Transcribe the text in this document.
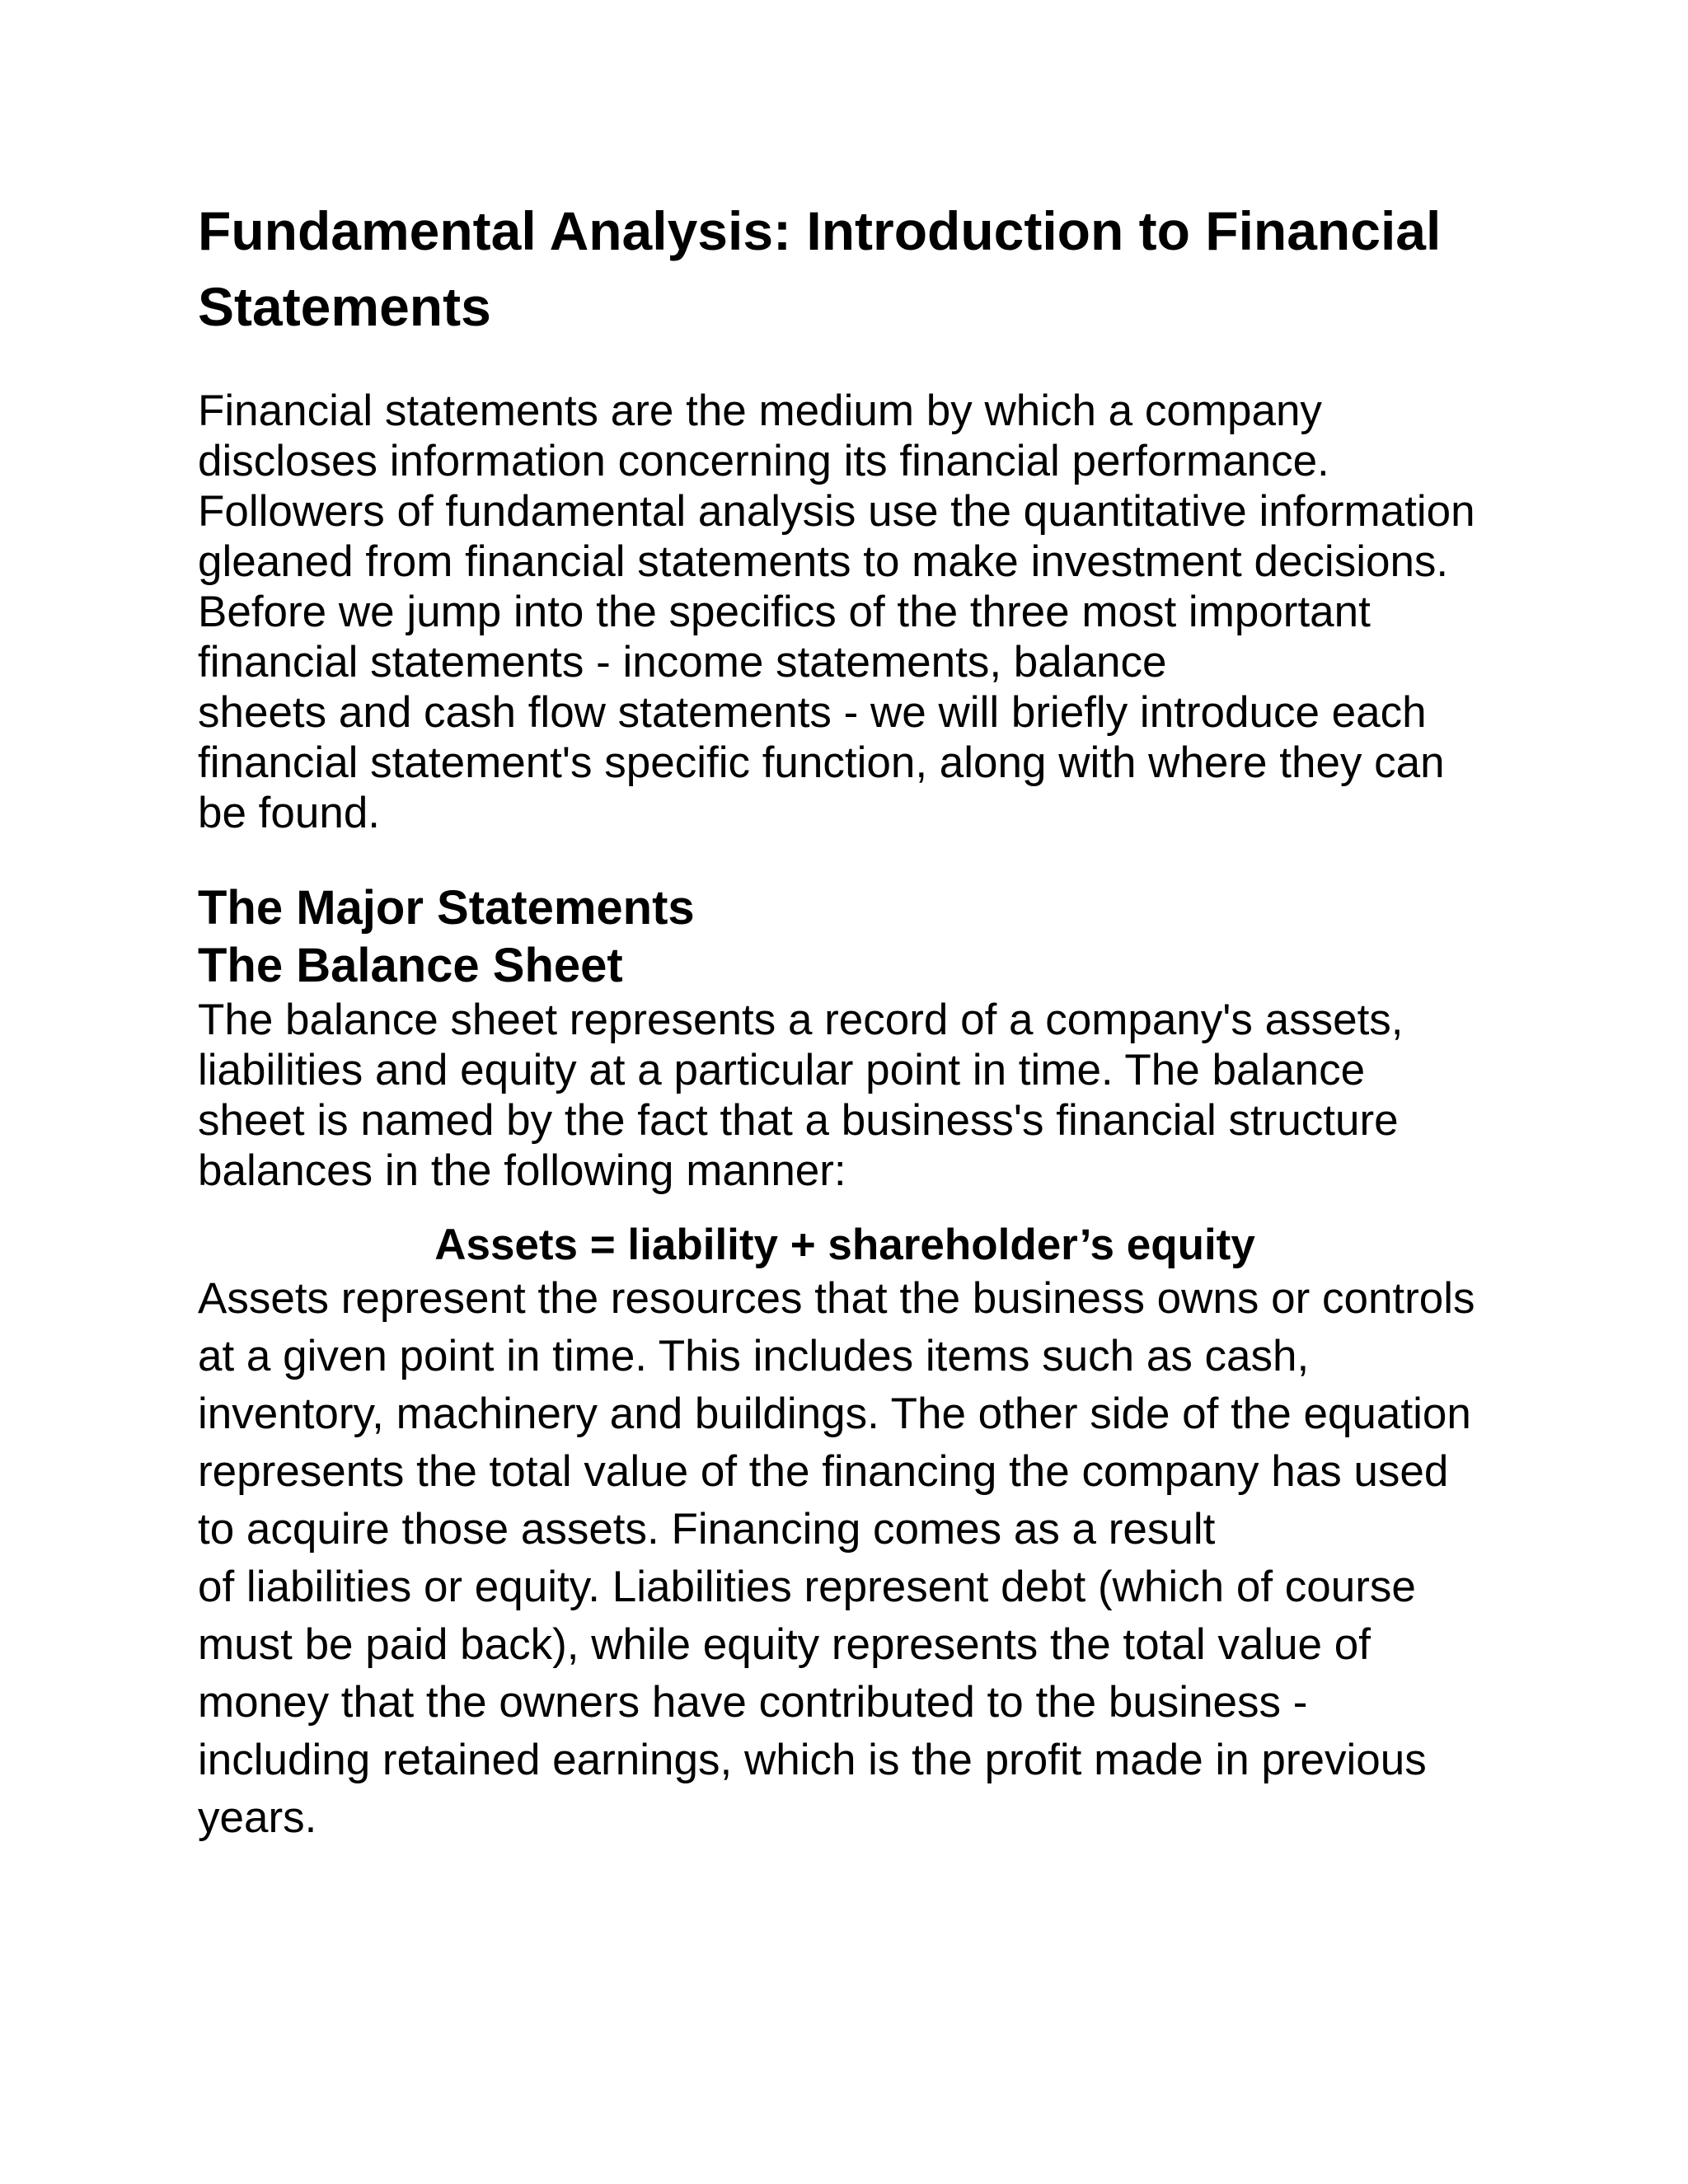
Fundamental Analysis: Introduction to Financial
Statements

Financial statements are the medium by which a company
discloses information concerning its financial performance.
Followers of fundamental analysis use the quantitative information
gleaned from financial statements to make investment decisions.
Before we jump into the specifics of the three most important
financial statements - income statements, balance
sheets and cash flow statements - we will briefly introduce each
financial statement's specific function, along with where they can
be found.

The Major Statements
The Balance Sheet

The balance sheet represents a record of a company's assets,
liabilities and equity at a particular point in time. The balance
sheet is named by the fact that a business's financial structure
balances in the following manner:

Assets = liability + shareholder’s equity

Assets represent the resources that the business owns or controls
at a given point in time. This includes items such as cash,
inventory, machinery and buildings. The other side of the equation
represents the total value of the financing the company has used
to acquire those assets. Financing comes as a result
of liabilities or equity. Liabilities represent debt (which of course
must be paid back), while equity represents the total value of
money that the owners have contributed to the business -
including retained earnings, which is the profit made in previous
years.
